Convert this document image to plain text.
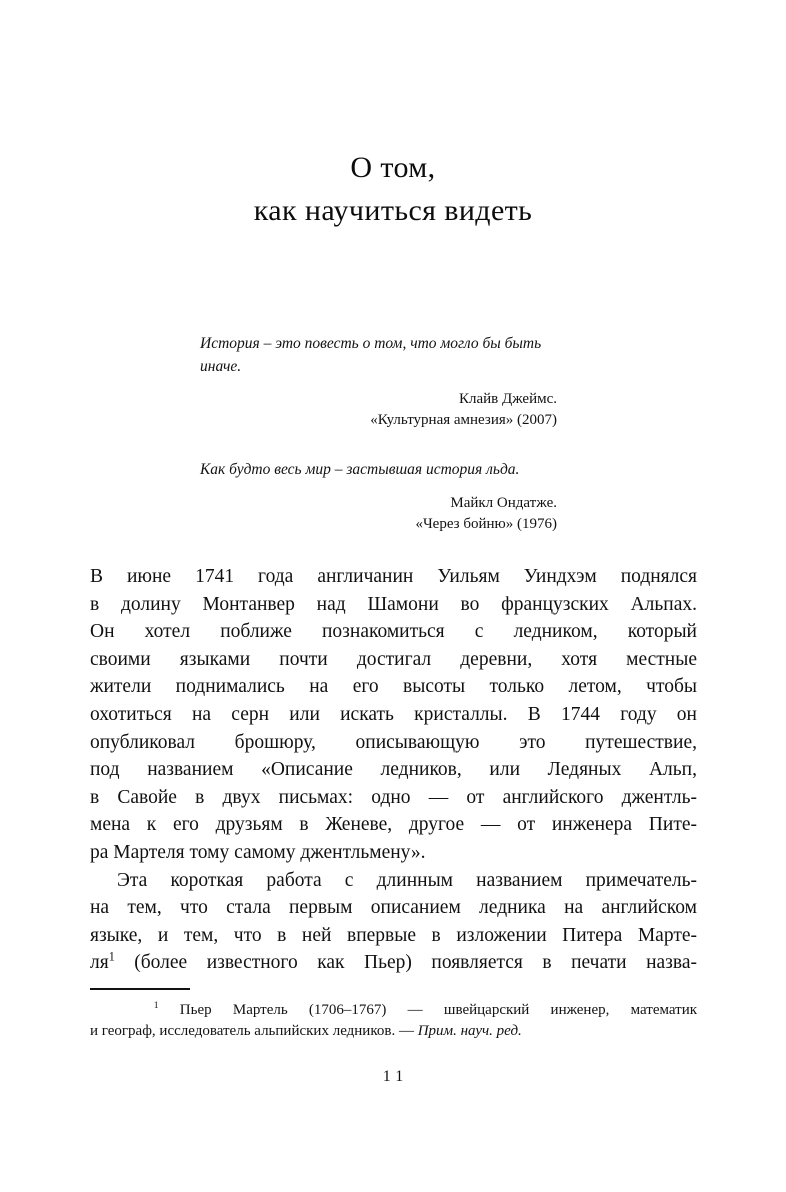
О том,
как научиться видеть

История – это повесть о том, что могло бы быть иначе.

Клайв Джеймс.
«Культурная амнезия» (2007)

Как будто весь мир – застывшая история льда.

Майкл Ондатже.
«Через бойню» (1976)

В июне 1741 года англичанин Уильям Уиндхэм поднялся
в долину Монтанвер над Шамони во французских Альпах.
Он хотел поближе познакомиться с ледником, который
своими языками почти достигал деревни, хотя местные
жители поднимались на его высоты только летом, чтобы
охотиться на серн или искать кристаллы. В 1744 году он
опубликовал брошюру, описывающую это путешествие,
под названием «Описание ледников, или Ледяных Альп,
в Савойе в двух письмах: одно — от английского джентль-
мена к его друзьям в Женеве, другое — от инженера Пите-
ра Мартеля тому самому джентльмену».

Эта короткая работа с длинным названием примечатель-
на тем, что стала первым описанием ледника на английском
языке, и тем, что в ней впервые в изложении Питера Марте-
ля$^1$ (более известного как Пьер) появляется в печати назва-

$^1$ Пьер Мартель (1706–1767) — швейцарский инженер, математик
и географ, исследователь альпийских ледников. — Прим. науч. ред.

11
